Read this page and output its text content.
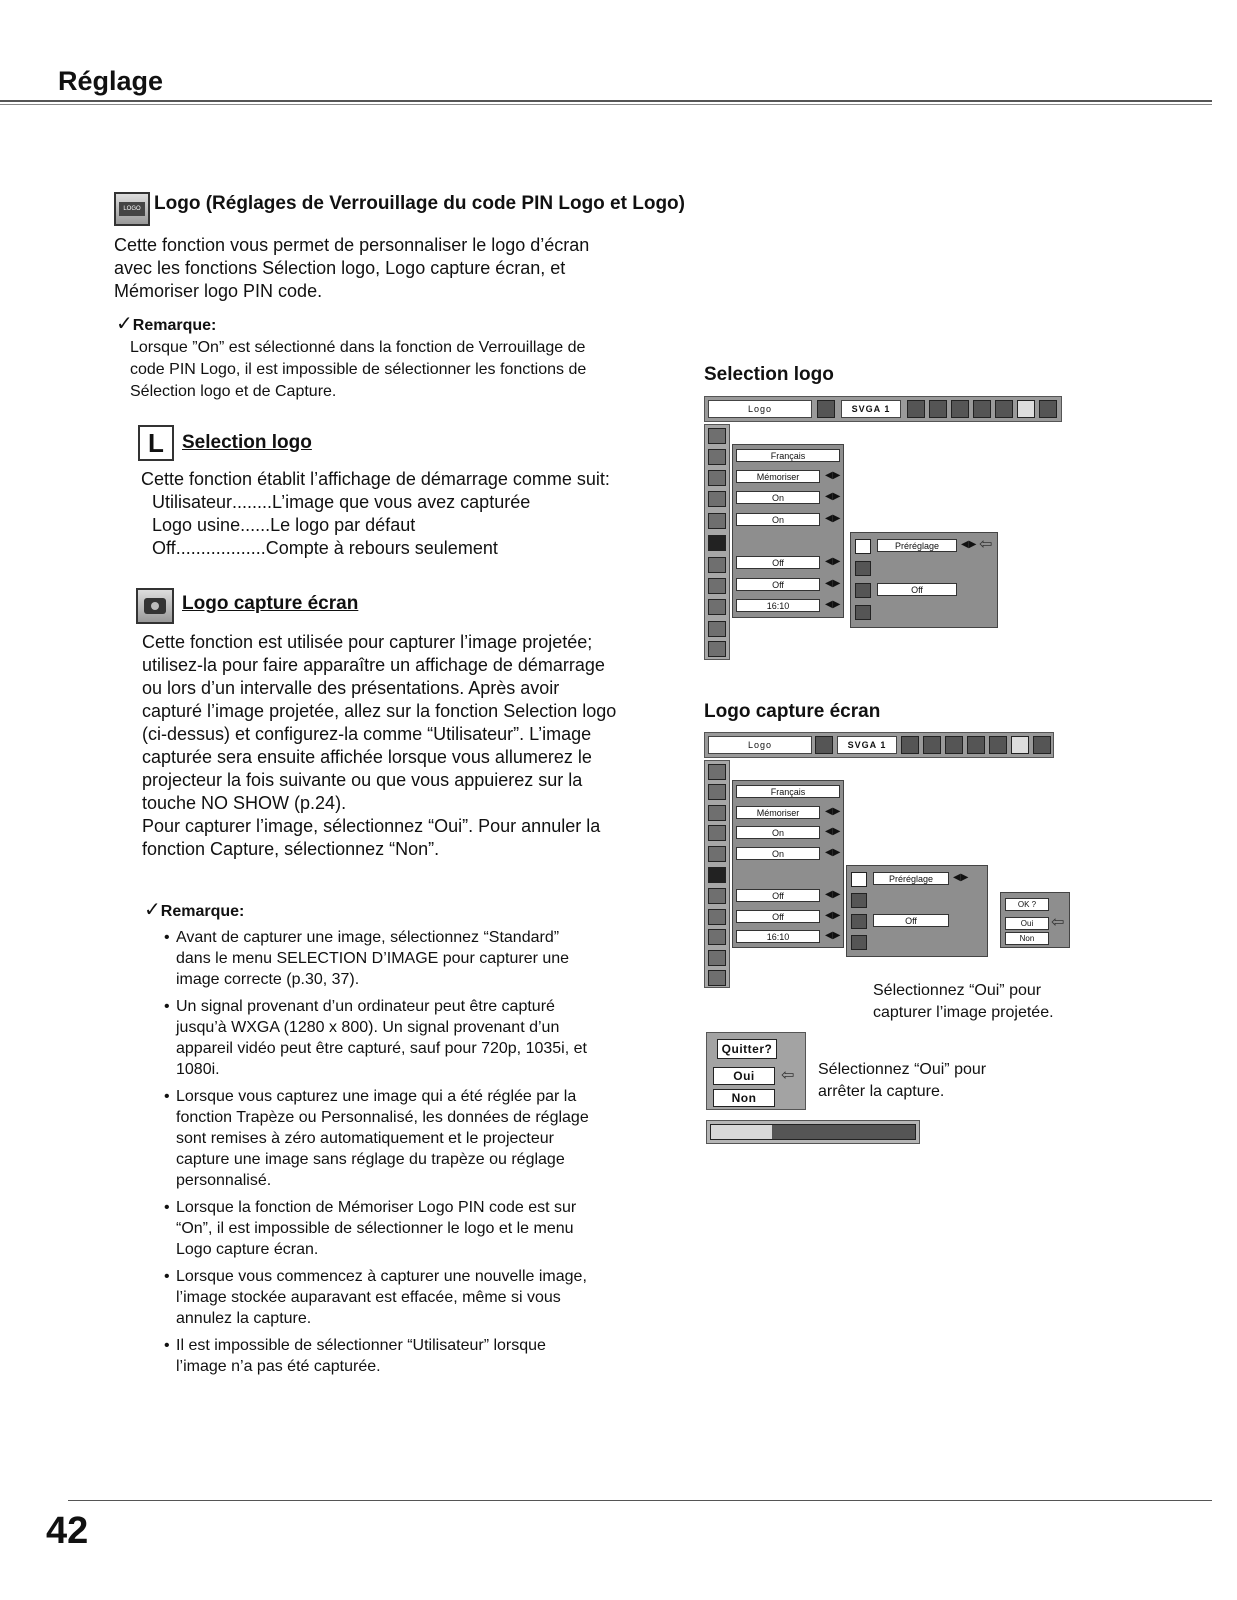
Réglage
LOGO Logo (Réglages de Verrouillage du code PIN Logo et Logo)
Cette fonction vous permet de personnaliser le logo d’écran
avec les fonctions Sélection logo, Logo capture écran, et
Mémoriser logo PIN code.
✓ Remarque:
Lorsque ”On” est sélectionné dans la fonction de Verrouillage de
code PIN Logo, il est impossible de sélectionner les fonctions de
Sélection logo et de Capture.
L Selection logo
Cette fonction établit l’affichage de démarrage comme suit:
Utilisateur ........ L’image que vous avez capturée
Logo usine ...... Le logo par défaut
Off .................. Compte à rebours seulement
Logo capture écran
Cette fonction est utilisée pour capturer l’image projetée;
utilisez-la pour faire apparaître un affichage de démarrage
ou lors d’un intervalle des présentations. Après avoir
capturé l’image projetée, allez sur la fonction Selection logo
(ci-dessus) et configurez-la comme “Utilisateur”. L’image
capturée sera ensuite affichée lorsque vous allumerez le
projecteur la fois suivante ou que vous appuierez sur la
touche NO SHOW (p.24).
Pour capturer l’image, sélectionnez “Oui”. Pour annuler la
fonction Capture, sélectionnez “Non”.
✓ Remarque:
• Avant de capturer une image, sélectionnez “Standard”
dans le menu SELECTION D’IMAGE pour capturer une
image correcte (p.30, 37).
• Un signal provenant d’un ordinateur peut être capturé
jusqu’à WXGA (1280 x 800). Un signal provenant d’un
appareil vidéo peut être capturé, sauf pour 720p, 1035i, et
1080i.
• Lorsque vous capturez une image qui a été réglée par la
fonction Trapèze ou Personnalisé, les données de réglage
sont remises à zéro automatiquement et le projecteur
capture une image sans réglage du trapèze ou réglage
personnalisé.
• Lorsque la fonction de Mémoriser Logo PIN code est sur
“On”, il est impossible de sélectionner le logo et le menu
Logo capture écran.
• Lorsque vous commencez à capturer une nouvelle image,
l’image stockée auparavant est effacée, même si vous
annulez la capture.
• Il est impossible de sélectionner “Utilisateur” lorsque
l’image n’a pas été capturée.
Selection logo
Logo	SVGA 1
Français
Mémoriser	◀▶
On	◀▶
On	◀▶
Off	◀▶
Off	◀▶
16:10	◀▶
Préréglage	◀▶ ⇦
Off
Logo capture écran
Logo	SVGA 1
Français
Mémoriser	◀▶
On	◀▶
On	◀▶
Off	◀▶
Off	◀▶
16:10	◀▶
Préréglage	◀▶
Off
OK ?
Oui	⇦
Non
Sélectionnez “Oui” pour
capturer l’image projetée.
Quitter?
Oui	⇦
Non
Sélectionnez “Oui” pour
arrêter la capture.
42
